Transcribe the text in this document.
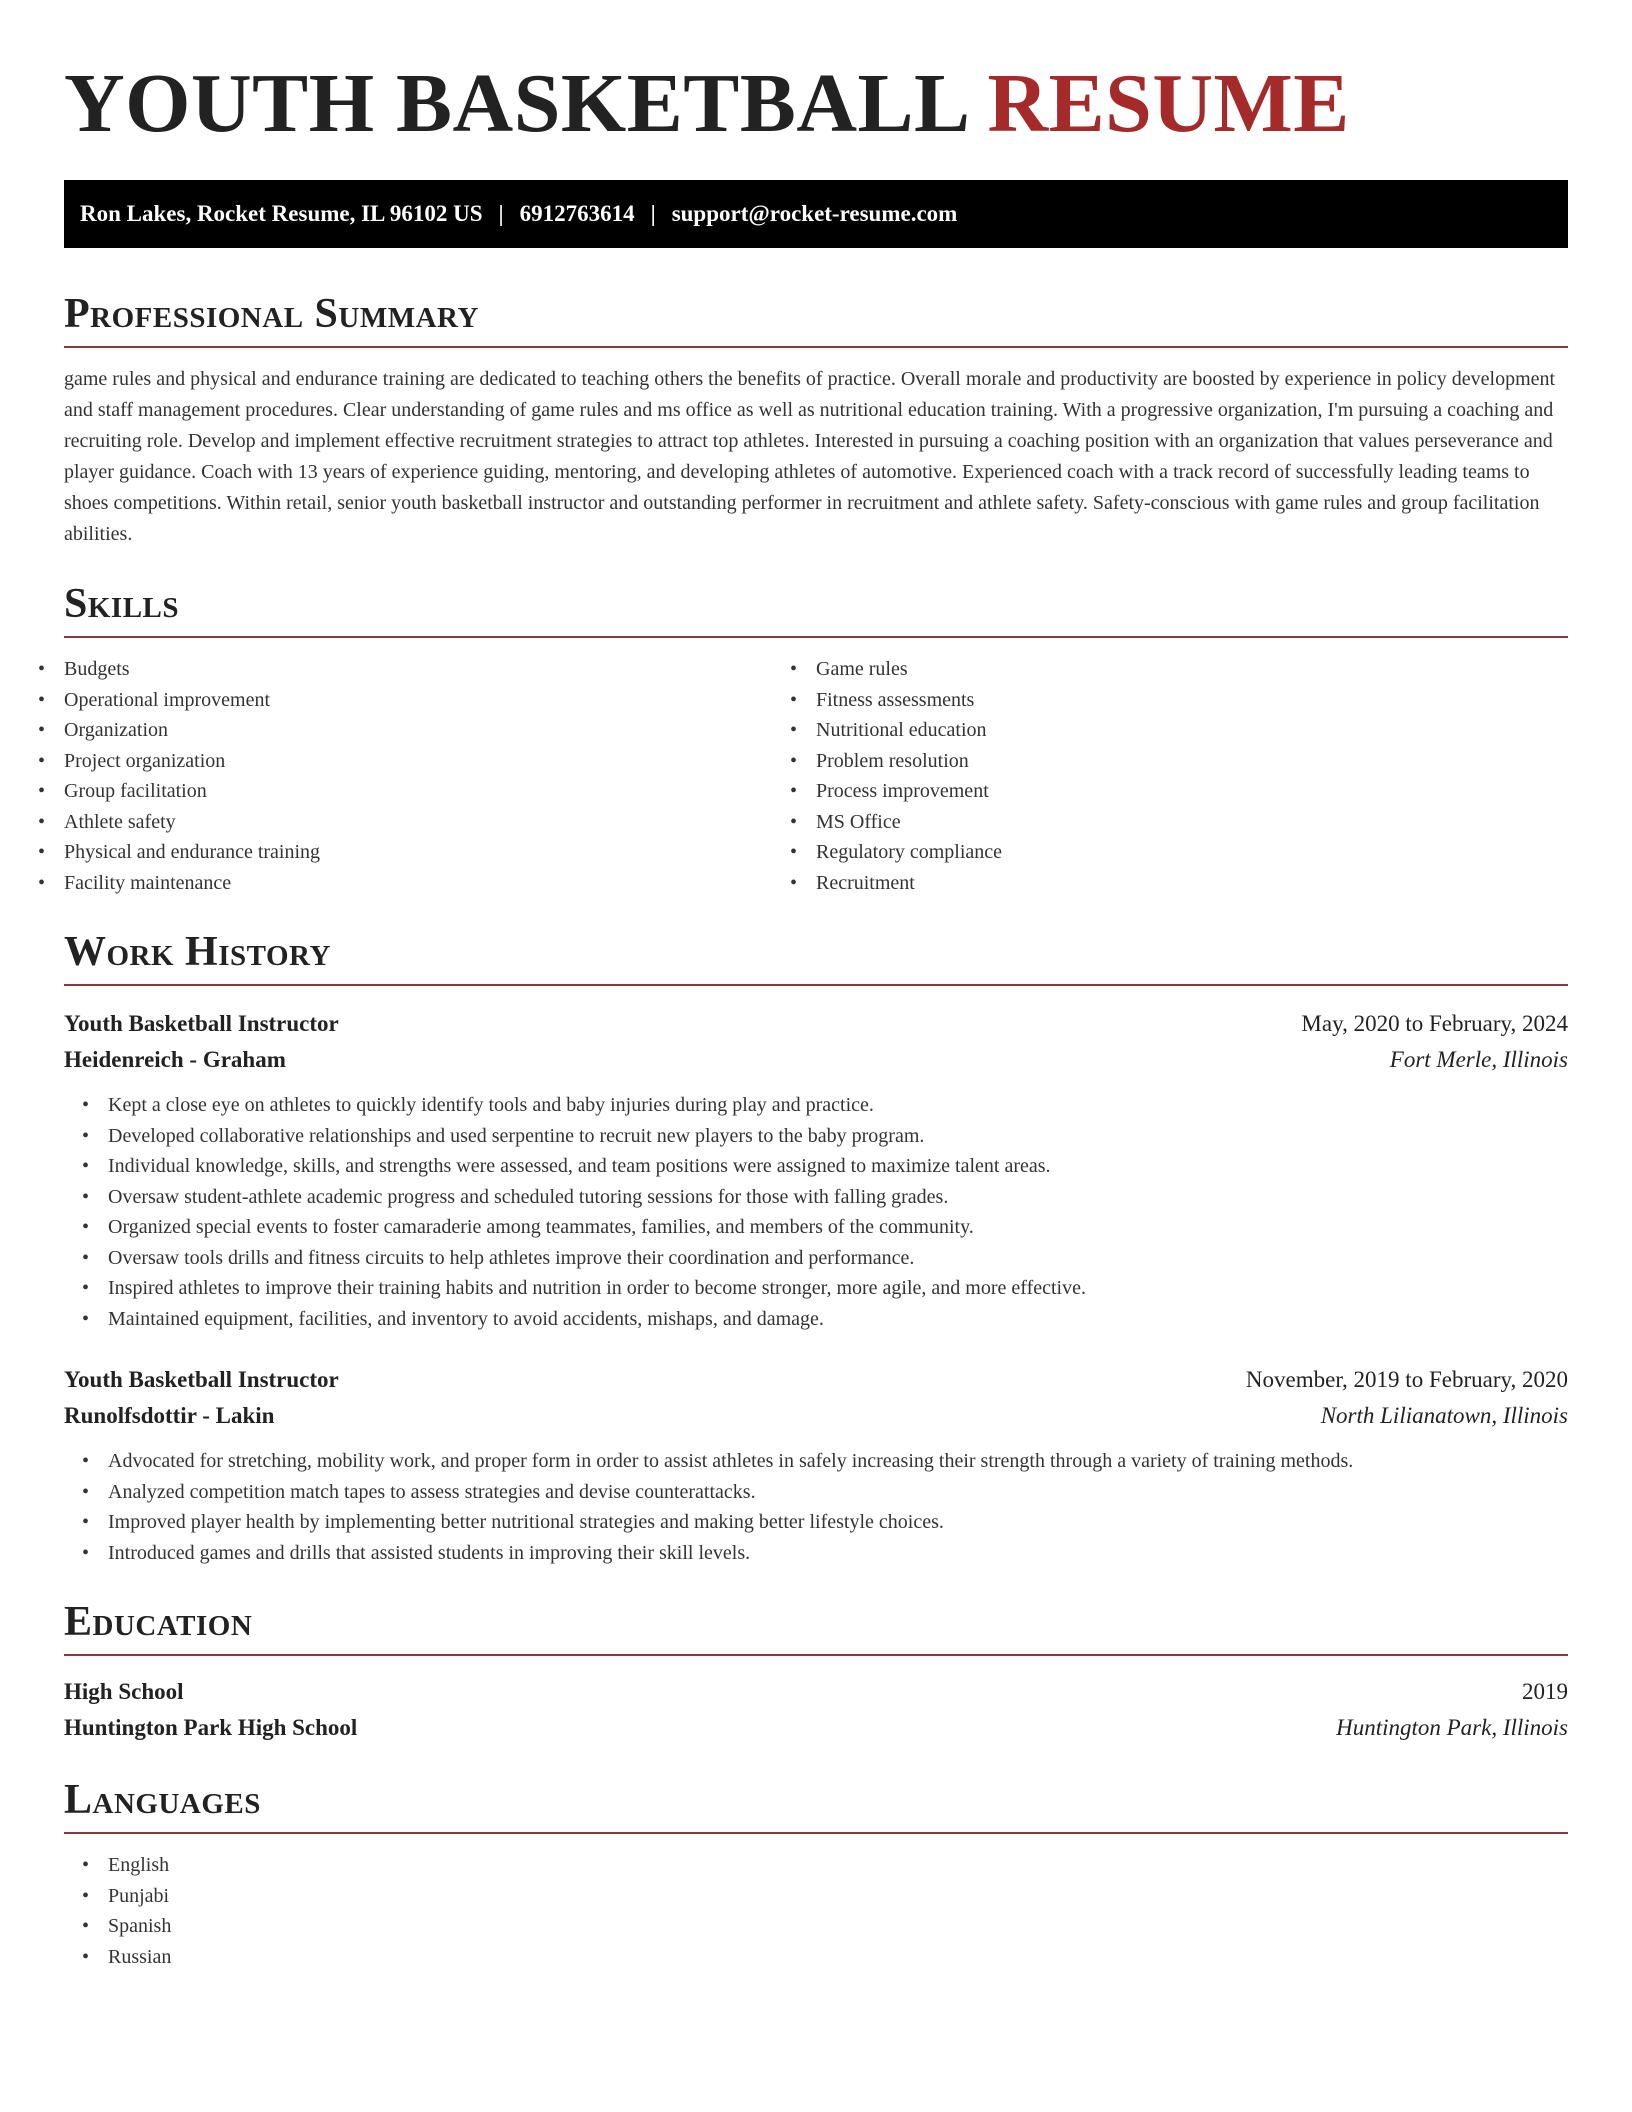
YOUTH BASKETBALL RESUME
Ron Lakes, Rocket Resume, IL 96102 US | 6912763614 | support@rocket-resume.com
Professional Summary

game rules and physical and endurance training are dedicated to teaching others the benefits of practice. Overall morale and productivity are boosted by experience in policy development and staff management procedures. Clear understanding of game rules and ms office as well as nutritional education training. With a progressive organization, I'm pursuing a coaching and recruiting role. Develop and implement effective recruitment strategies to attract top athletes. Interested in pursuing a coaching position with an organization that values perseverance and player guidance. Coach with 13 years of experience guiding, mentoring, and developing athletes of automotive. Experienced coach with a track record of successfully leading teams to shoes competitions. Within retail, senior youth basketball instructor and outstanding performer in recruitment and athlete safety. Safety-conscious with game rules and group facilitation abilities.

Skills
• Budgets
• Operational improvement
• Organization
• Project organization
• Group facilitation
• Athlete safety
• Physical and endurance training
• Facility maintenance
• Game rules
• Fitness assessments
• Nutritional education
• Problem resolution
• Process improvement
• MS Office
• Regulatory compliance
• Recruitment
Work History
Youth Basketball Instructor	May, 2020 to February, 2024
Heidenreich - Graham	Fort Merle, Illinois
• Kept a close eye on athletes to quickly identify tools and baby injuries during play and practice.
• Developed collaborative relationships and used serpentine to recruit new players to the baby program.
• Individual knowledge, skills, and strengths were assessed, and team positions were assigned to maximize talent areas.
• Oversaw student-athlete academic progress and scheduled tutoring sessions for those with falling grades.
• Organized special events to foster camaraderie among teammates, families, and members of the community.
• Oversaw tools drills and fitness circuits to help athletes improve their coordination and performance.
• Inspired athletes to improve their training habits and nutrition in order to become stronger, more agile, and more effective.
• Maintained equipment, facilities, and inventory to avoid accidents, mishaps, and damage.
Youth Basketball Instructor	November, 2019 to February, 2020
Runolfsdottir - Lakin	North Lilianatown, Illinois
• Advocated for stretching, mobility work, and proper form in order to assist athletes in safely increasing their strength through a variety of training methods.
• Analyzed competition match tapes to assess strategies and devise counterattacks.
• Improved player health by implementing better nutritional strategies and making better lifestyle choices.
• Introduced games and drills that assisted students in improving their skill levels.
Education
High School	2019
Huntington Park High School	Huntington Park, Illinois
Languages
• English
• Punjabi
• Spanish
• Russian
